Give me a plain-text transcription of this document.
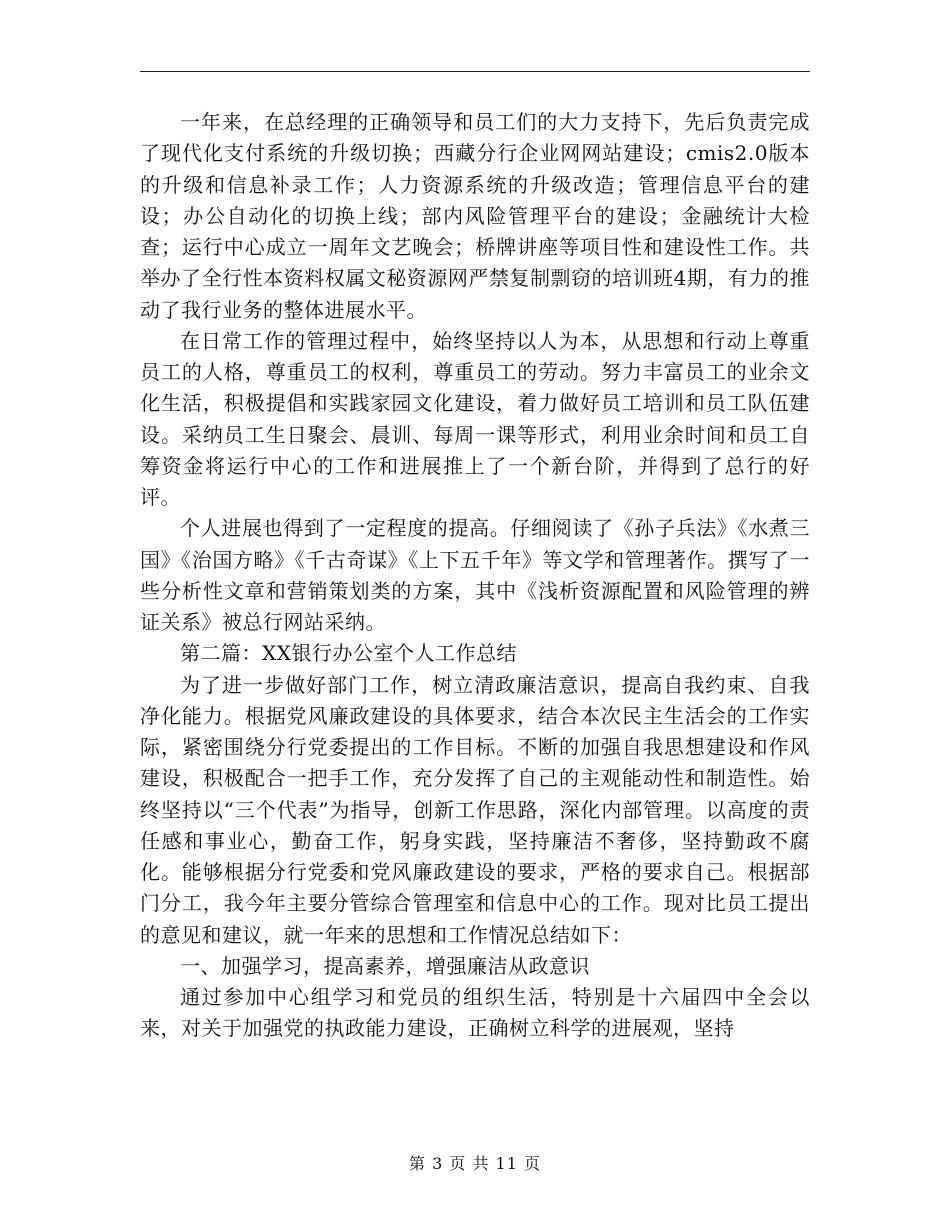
一年来，在总经理的正确领导和员工们的大力支持下，先后负责完成了现代化支付系统的升级切换；西藏分行企业网网站建设；cmis2.0版本的升级和信息补录工作；人力资源系统的升级改造；管理信息平台的建设；办公自动化的切换上线；部内风险管理平台的建设；金融统计大检查；运行中心成立一周年文艺晚会；桥牌讲座等项目性和建设性工作。共举办了全行性本资料权属文秘资源网严禁复制剽窃的培训班4期，有力的推动了我行业务的整体进展水平。

在日常工作的管理过程中，始终坚持以人为本，从思想和行动上尊重员工的人格，尊重员工的权利，尊重员工的劳动。努力丰富员工的业余文化生活，积极提倡和实践家园文化建设，着力做好员工培训和员工队伍建设。采纳员工生日聚会、晨训、每周一课等形式，利用业余时间和员工自筹资金将运行中心的工作和进展推上了一个新台阶，并得到了总行的好评。

个人进展也得到了一定程度的提高。仔细阅读了《孙子兵法》《水煮三国》《治国方略》《千古奇谋》《上下五千年》等文学和管理著作。撰写了一些分析性文章和营销策划类的方案，其中《浅析资源配置和风险管理的辨证关系》被总行网站采纳。

第二篇：XX银行办公室个人工作总结

为了进一步做好部门工作，树立清政廉洁意识，提高自我约束、自我净化能力。根据党风廉政建设的具体要求，结合本次民主生活会的工作实际，紧密围绕分行党委提出的工作目标。不断的加强自我思想建设和作风建设，积极配合一把手工作，充分发挥了自己的主观能动性和制造性。始终坚持以“三个代表”为指导，创新工作思路，深化内部管理。以高度的责任感和事业心，勤奋工作，躬身实践，坚持廉洁不奢侈，坚持勤政不腐化。能够根据分行党委和党风廉政建设的要求，严格的要求自己。根据部门分工，我今年主要分管综合管理室和信息中心的工作。现对比员工提出的意见和建议，就一年来的思想和工作情况总结如下：

一、加强学习，提高素养，增强廉洁从政意识

通过参加中心组学习和党员的组织生活，特别是十六届四中全会以来，对关于加强党的执政能力建设，正确树立科学的进展观，坚持

第 3 页 共 11 页
